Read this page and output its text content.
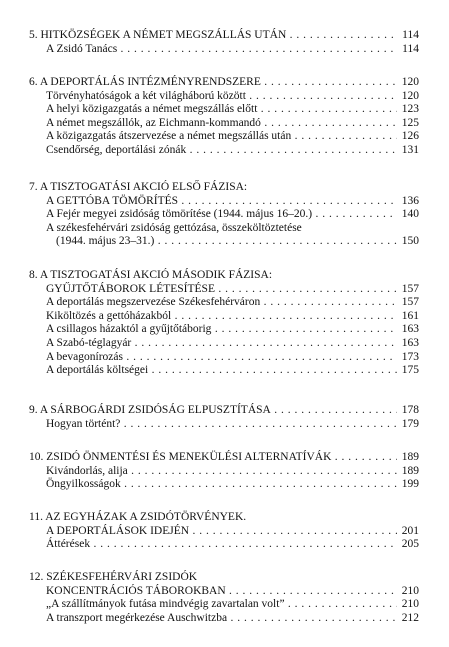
5. HITKÖZSÉGEK A NÉMET MEGSZÁLLÁS UTÁN . . .	114
A Zsidó Tanács . . .	114
6. A DEPORTÁLÁS INTÉZMÉNYRENDSZERE . . .	120
Törvényhatóságok a két világháború között . . .	120
A helyi közigazgatás a német megszállás előtt . . .	123
A német megszállók, az Eichmann-kommandó . . .	125
A közigazgatás átszervezése a német megszállás után . . .	126
Csendőrség, deportálási zónák . . .	131
7. A TISZTOGATÁSI AKCIÓ ELSŐ FÁZISA:
A GETTÓBA TÖMÖRÍTÉS . . .	136
A Fejér megyei zsidóság tömörítése (1944. május 16–20.) . . .	140
A székesfehérvári zsidóság gettózása, összeköltöztetése
(1944. május 23–31.) . . .	150
8. A TISZTOGATÁSI AKCIÓ MÁSODIK FÁZISA:
GYŰJTŐTÁBOROK LÉTESÍTÉSE . . .	157
A deportálás megszervezése Székesfehérváron . . .	157
Kiköltözés a gettóházakból . . .	161
A csillagos házaktól a gyűjtőtáborig . . .	163
A Szabó-téglagyár . . .	163
A bevagonírozás . . .	173
A deportálás költségei . . .	175
9. A SÁRBOGÁRDI ZSIDÓSÁG ELPUSZTÍTÁSA . . .	178
Hogyan történt? . . .	179
10. ZSIDÓ ÖNMENTÉSI ÉS MENEKÜLÉSI ALTERNATÍVÁK . . .	189
Kivándorlás, alija . . .	189
Öngyilkosságok . . .	199
11. AZ EGYHÁZAK A ZSIDÓTÖRVÉNYEK.
A DEPORTÁLÁSOK IDEJÉN . . .	201
Áttérések . . .	205
12. SZÉKESFEHÉRVÁRI ZSIDÓK
KONCENTRÁCIÓS TÁBOROKBAN . . .	210
„A szállítmányok futása mindvégig zavartalan volt” . . .	210
A transzport megérkezése Auschwitzba . . .	212
